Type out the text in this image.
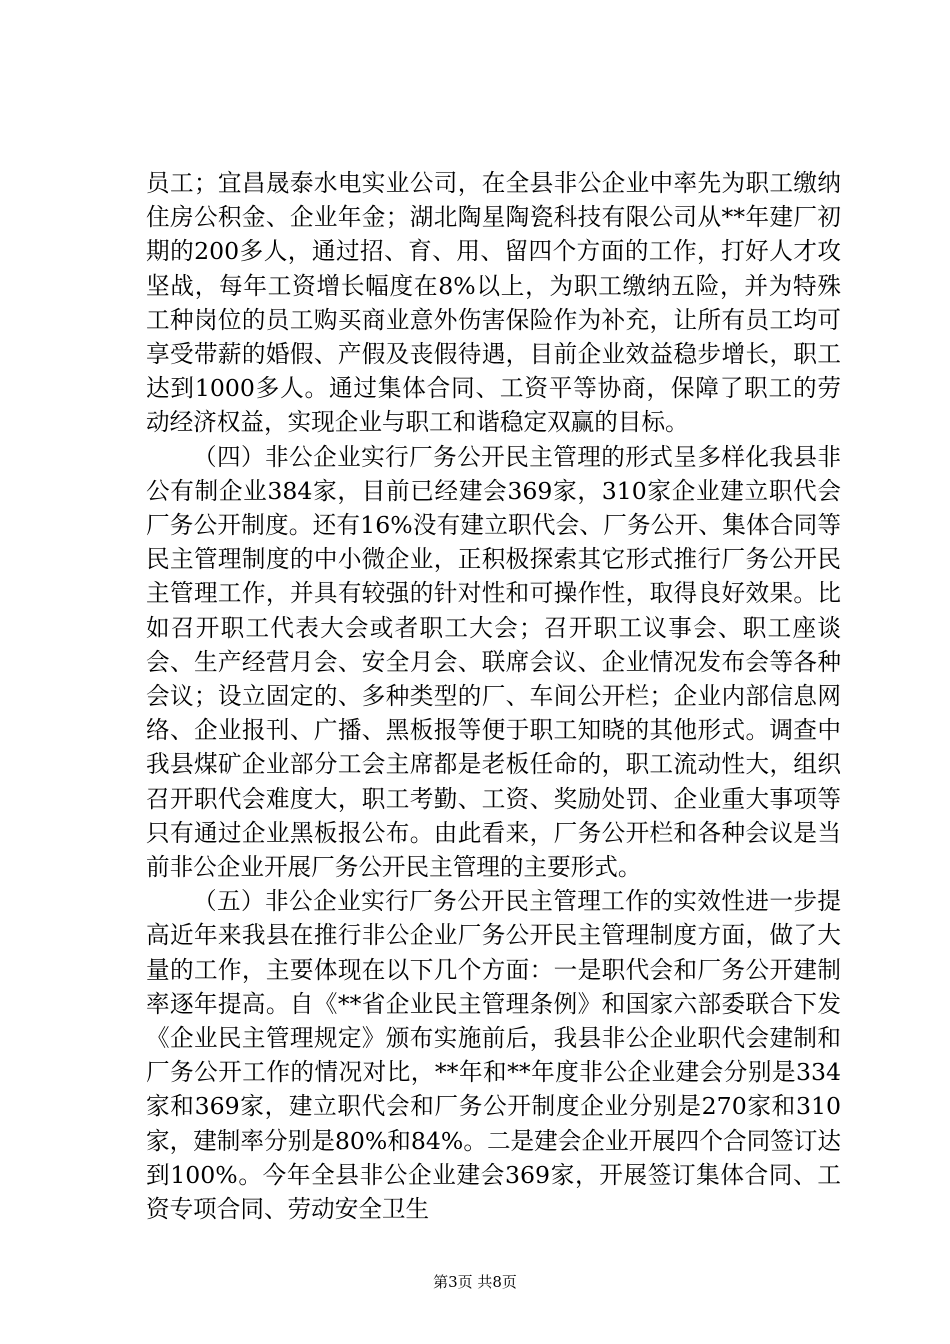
员工；宜昌晟泰水电实业公司，在全县非公企业中率先为职工缴纳住房公积金、企业年金；湖北陶星陶瓷科技有限公司从**年建厂初期的200多人，通过招、育、用、留四个方面的工作，打好人才攻坚战，每年工资增长幅度在8%以上，为职工缴纳五险，并为特殊工种岗位的员工购买商业意外伤害保险作为补充，让所有员工均可享受带薪的婚假、产假及丧假待遇，目前企业效益稳步增长，职工达到1000多人。通过集体合同、工资平等协商，保障了职工的劳动经济权益，实现企业与职工和谐稳定双赢的目标。

（四）非公企业实行厂务公开民主管理的形式呈多样化我县非公有制企业384家，目前已经建会369家，310家企业建立职代会厂务公开制度。还有16%没有建立职代会、厂务公开、集体合同等民主管理制度的中小微企业，正积极探索其它形式推行厂务公开民主管理工作，并具有较强的针对性和可操作性，取得良好效果。比如召开职工代表大会或者职工大会；召开职工议事会、职工座谈会、生产经营月会、安全月会、联席会议、企业情况发布会等各种会议；设立固定的、多种类型的厂、车间公开栏；企业内部信息网络、企业报刊、广播、黑板报等便于职工知晓的其他形式。调查中我县煤矿企业部分工会主席都是老板任命的，职工流动性大，组织召开职代会难度大，职工考勤、工资、奖励处罚、企业重大事项等只有通过企业黑板报公布。由此看来，厂务公开栏和各种会议是当前非公企业开展厂务公开民主管理的主要形式。

（五）非公企业实行厂务公开民主管理工作的实效性进一步提高近年来我县在推行非公企业厂务公开民主管理制度方面，做了大量的工作，主要体现在以下几个方面：一是职代会和厂务公开建制率逐年提高。自《**省企业民主管理条例》和国家六部委联合下发《企业民主管理规定》颁布实施前后，我县非公企业职代会建制和厂务公开工作的情况对比，**年和**年度非公企业建会分别是334家和369家，建立职代会和厂务公开制度企业分别是270家和310家，建制率分别是80%和84%。二是建会企业开展四个合同签订达到100%。今年全县非公企业建会369家，开展签订集体合同、工资专项合同、劳动安全卫生

第3页 共8页
